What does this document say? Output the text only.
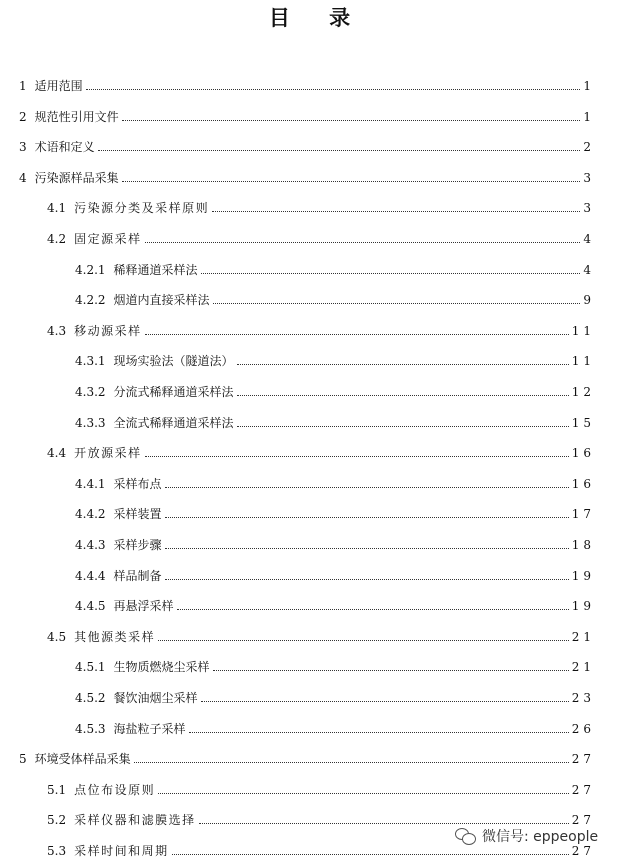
目 录
1 适用范围	1
2 规范性引用文件	1
3 术语和定义	2
4 污染源样品采集	3
4.1 污染源分类及采样原则	3
4.2 固定源采样	4
4.2.1 稀释通道采样法	4
4.2.2 烟道内直接采样法	9
4.3 移动源采样	11
4.3.1 现场实验法（隧道法）	11
4.3.2 分流式稀释通道采样法	12
4.3.3 全流式稀释通道采样法	15
4.4 开放源采样	16
4.4.1 采样布点	16
4.4.2 采样装置	17
4.4.3 采样步骤	18
4.4.4 样品制备	19
4.4.5 再悬浮采样	19
4.5 其他源类采样	21
4.5.1 生物质燃烧尘采样	21
4.5.2 餐饮油烟尘采样	23
4.5.3 海盐粒子采样	26
5 环境受体样品采集	27
5.1 点位布设原则	27
5.2 采样仪器和滤膜选择	27
5.3 采样时间和周期	27
微信号: eppeople
